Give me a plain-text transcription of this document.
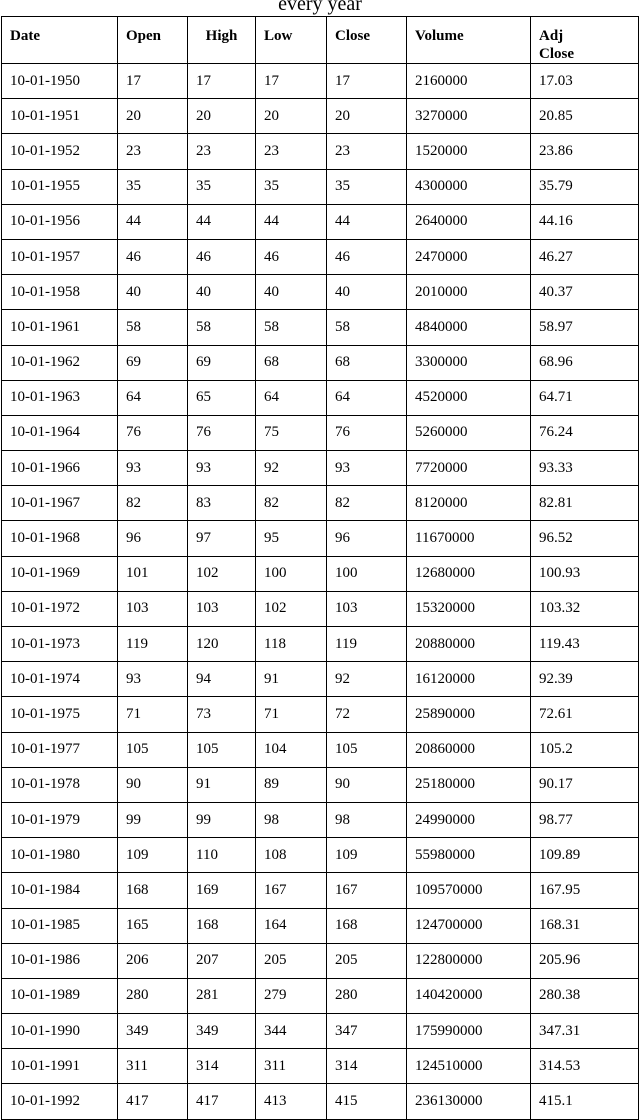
every year
Date	Open	High	Low	Close	Volume	Adj
Close
10-01-1950	17	17	17	17	2160000	17.03
10-01-1951	20	20	20	20	3270000	20.85
10-01-1952	23	23	23	23	1520000	23.86
10-01-1955	35	35	35	35	4300000	35.79
10-01-1956	44	44	44	44	2640000	44.16
10-01-1957	46	46	46	46	2470000	46.27
10-01-1958	40	40	40	40	2010000	40.37
10-01-1961	58	58	58	58	4840000	58.97
10-01-1962	69	69	68	68	3300000	68.96
10-01-1963	64	65	64	64	4520000	64.71
10-01-1964	76	76	75	76	5260000	76.24
10-01-1966	93	93	92	93	7720000	93.33
10-01-1967	82	83	82	82	8120000	82.81
10-01-1968	96	97	95	96	11670000	96.52
10-01-1969	101	102	100	100	12680000	100.93
10-01-1972	103	103	102	103	15320000	103.32
10-01-1973	119	120	118	119	20880000	119.43
10-01-1974	93	94	91	92	16120000	92.39
10-01-1975	71	73	71	72	25890000	72.61
10-01-1977	105	105	104	105	20860000	105.2
10-01-1978	90	91	89	90	25180000	90.17
10-01-1979	99	99	98	98	24990000	98.77
10-01-1980	109	110	108	109	55980000	109.89
10-01-1984	168	169	167	167	109570000	167.95
10-01-1985	165	168	164	168	124700000	168.31
10-01-1986	206	207	205	205	122800000	205.96
10-01-1989	280	281	279	280	140420000	280.38
10-01-1990	349	349	344	347	175990000	347.31
10-01-1991	311	314	311	314	124510000	314.53
10-01-1992	417	417	413	415	236130000	415.1
